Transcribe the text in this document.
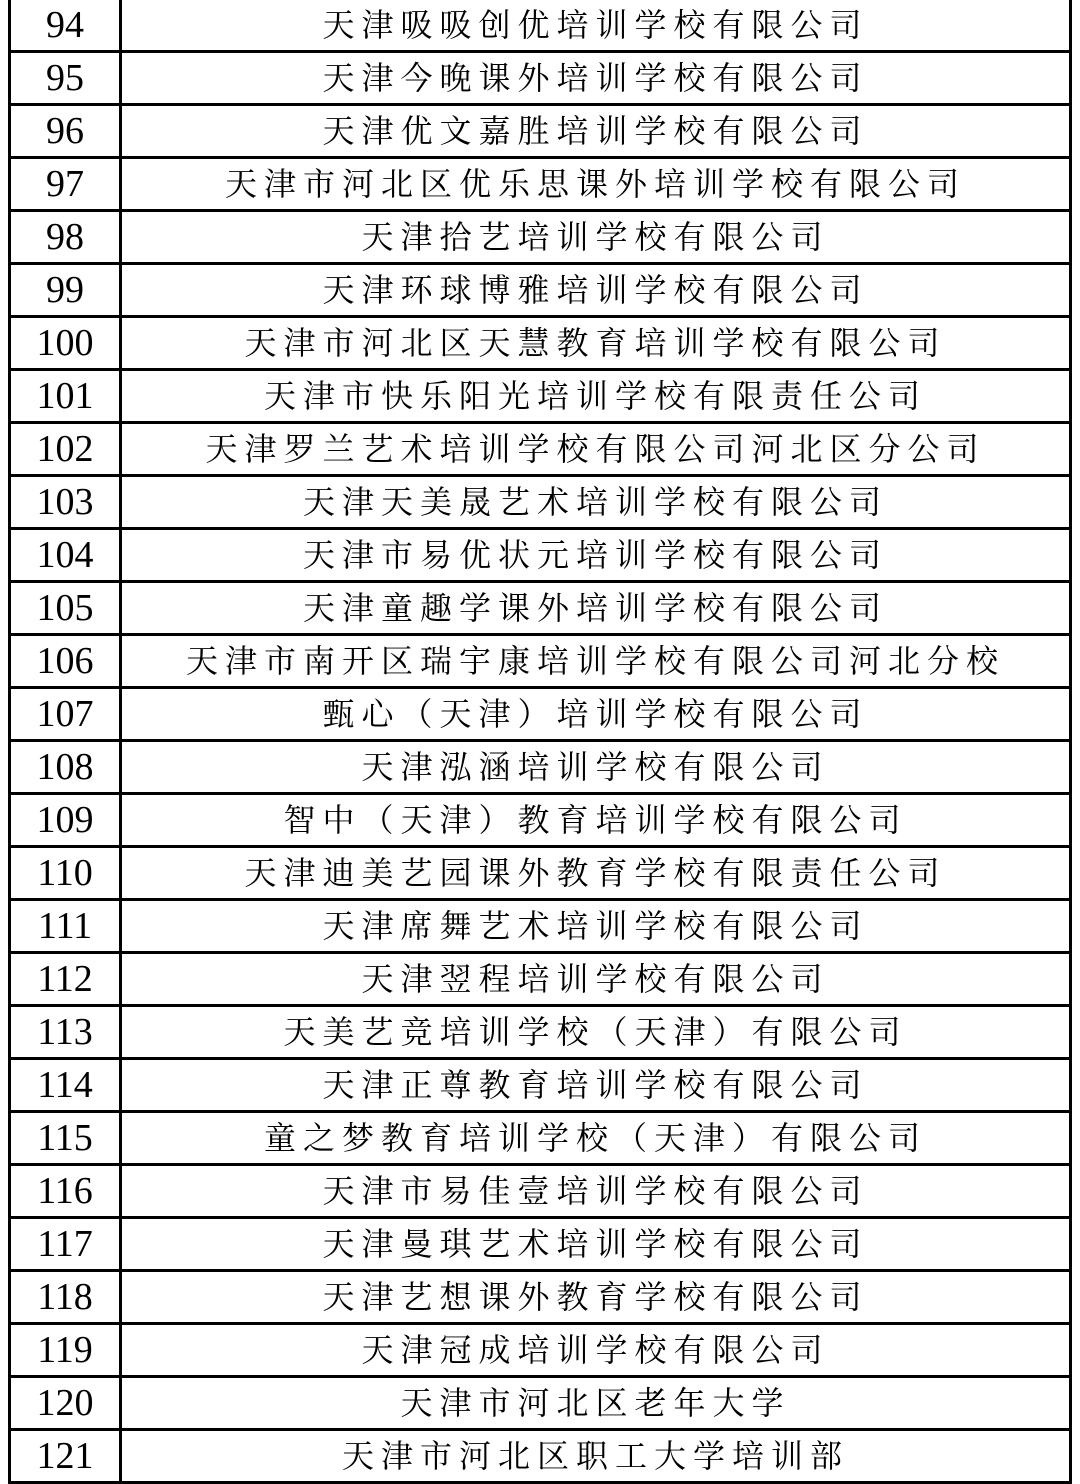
94	天津吸吸创优培训学校有限公司
95	天津今晚课外培训学校有限公司
96	天津优文嘉胜培训学校有限公司
97	天津市河北区优乐思课外培训学校有限公司
98	天津拾艺培训学校有限公司
99	天津环球博雅培训学校有限公司
100	天津市河北区天慧教育培训学校有限公司
101	天津市快乐阳光培训学校有限责任公司
102	天津罗兰艺术培训学校有限公司河北区分公司
103	天津天美晟艺术培训学校有限公司
104	天津市易优状元培训学校有限公司
105	天津童趣学课外培训学校有限公司
106	天津市南开区瑞宇康培训学校有限公司河北分校
107	甄心（天津）培训学校有限公司
108	天津泓涵培训学校有限公司
109	智中（天津）教育培训学校有限公司
110	天津迪美艺园课外教育学校有限责任公司
111	天津席舞艺术培训学校有限公司
112	天津翌程培训学校有限公司
113	天美艺竞培训学校（天津）有限公司
114	天津正尊教育培训学校有限公司
115	童之梦教育培训学校（天津）有限公司
116	天津市易佳壹培训学校有限公司
117	天津曼琪艺术培训学校有限公司
118	天津艺想课外教育学校有限公司
119	天津冠成培训学校有限公司
120	天津市河北区老年大学
121	天津市河北区职工大学培训部
